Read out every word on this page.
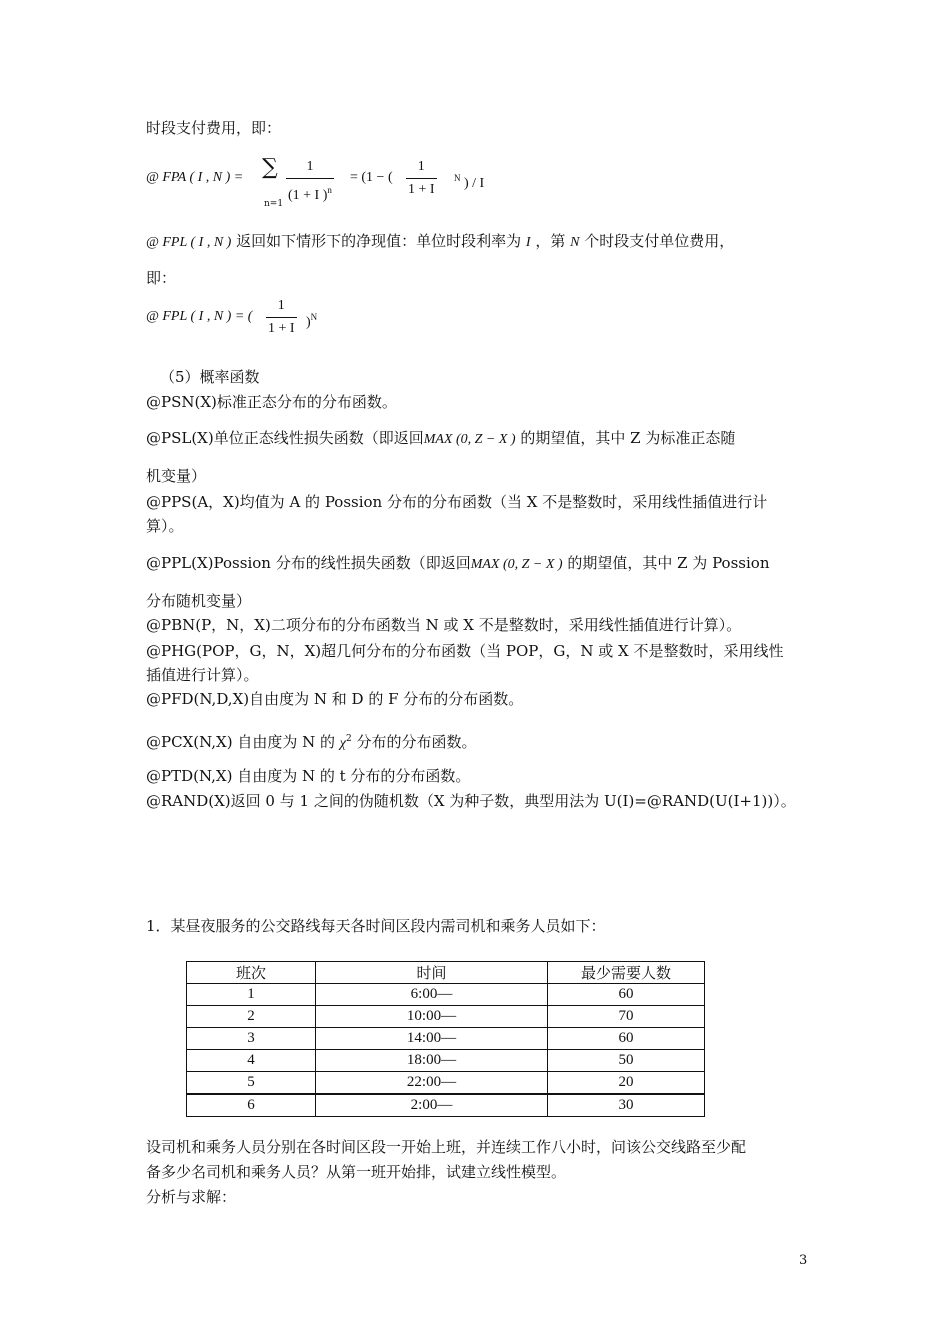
时段支付费用，即：
@ FPA ( I , N ) = ∑
$n=1 \frac{1}{(1 + I )^n} = (1$ − ( $\frac{1}{1 + I} ^N$ ) / I
@ FPL ( I , N ) 返回如下情形下的净现值：单位时段利率为 I ，第 N 个时段支付单位费用，
即：
@ FPL ( I , N ) = ( $\frac{1}{1 + I} )^N$
（5）概率函数
@PSN(X)标准正态分布的分布函数。
@PSL(X)单位正态线性损失函数（即返回MAX (0, Z − X ) 的期望值，其中 Z 为标准正态随
机变量）
@PPS(A，X)均值为 A 的 Possion 分布的分布函数（当 X 不是整数时，采用线性插值进行计
算）。
@PPL(X)Possion 分布的线性损失函数（即返回MAX (0, Z − X ) 的期望值，其中 Z 为 Possion
分布随机变量）
@PBN(P，N，X)二项分布的分布函数当 N 或 X 不是整数时，采用线性插值进行计算）。
@PHG(POP，G，N，X)超几何分布的分布函数（当 POP，G，N 或 X 不是整数时，采用线性
插值进行计算）。
@PFD(N,D,X)自由度为 N 和 D 的 F 分布的分布函数。
@PCX(N,X) 自由度为 N 的 $\chi^2$ 分布的分布函数。
@PTD(N,X) 自由度为 N 的 t 分布的分布函数。
@RAND(X)返回 0 与 1 之间的伪随机数（X 为种子数，典型用法为 U(I)=@RAND(U(I+1))）。
1．某昼夜服务的公交路线每天各时间区段内需司机和乘务人员如下：
班次	时间	最少需要人数
1	6:00—	60
2	10:00—	70
3	14:00—	60
4	18:00—	50
5	22:00—	20
6	2:00—	30
设司机和乘务人员分别在各时间区段一开始上班，并连续工作八小时，问该公交线路至少配
备多少名司机和乘务人员？从第一班开始排，试建立线性模型。
分析与求解：
3
